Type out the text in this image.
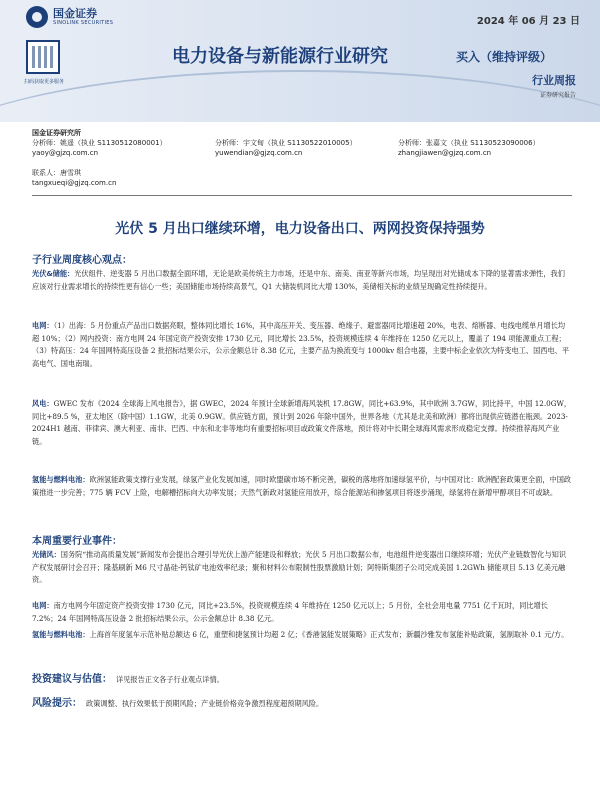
国金证券
SINOLINK SECURITIES
扫码获取更多服务
2024 年 06 月 23 日
电力设备与新能源行业研究	买入（维持评级）
行业周报
证券研究报告
国金证券研究所
分析师：姚遥（执业 S1130512080001）
yaoy@gjzq.com.cn
分析师：宇文甸（执业 S1130522010005）
yuwendian@gjzq.com.cn
分析师：张嘉文（执业 S1130523090006）
zhangjiawen@gjzq.com.cn
联系人：唐雪琪
tangxueqi@gjzq.com.cn
光伏 5 月出口继续环增，电力设备出口、两网投资保持强势
子行业周度核心观点：
光伏&储能：光伏组件、逆变器 5 月出口数据全面环增，无论是欧美传统主力市场，还是中东、南美、南亚等新兴市场，均呈现出对光储成本下降的显著需求弹性，我们应该对行业需求增长的持续性更有信心一些；美国储能市场持续高景气，Q1 大储装机同比大增 130%，美储相关标的业绩呈现确定性持续提升。
电网：（1）出海：5 月份重点产品出口数据亮眼，整体同比增长 16%，其中高压开关、变压器、绝缘子、避雷器同比增速超 20%，电表、熔断器、电线电缆单月增长均超 10%；（2）网内投资：南方电网 24 年国定资产投资安排 1730 亿元，同比增长 23.5%，投资规模连续 4 年维持在 1250 亿元以上，覆盖了 194 项能源重点工程；（3）特高压：24 年国网特高压设备 2 批招标结果公示，公示金额总计 8.38 亿元，主要产品为换流变与 1000kv 组合电器，主要中标企业依次为特变电工、国西电、平高电气、国电南瑞。
风电：GWEC 发布《2024 全球海上风电报告》，据 GWEC，2024 年预计全球新增海风装机 17.8GW，同比+63.9%，其中欧洲 3.7GW，同比持平，中国 12.0GW，同比+89.5 %，亚太地区（除中国）1.1GW，北美 0.9GW。供应链方面，预计到 2026 年除中国外，世界各地（尤其是北美和欧洲）都将出现供应链潜在瓶颈。2023-2024H1 越南、菲律宾、澳大利亚、南非、巴西、中东和北非等地均有重要招标项目或政策文件落地，预计将对中长期全球海风需求形成稳定支撑。持续推荐海风产业链。
氢能与燃料电池：欧洲氢能政策支撑行业发展，绿氢产业化发展加速，同时欧盟碳市场不断完善，碳税的落地将加速绿氢平价，与中国对比：欧洲配套政策更全面，中国政策推进一步完善；775 辆 FCV 上险，电解槽招标向大功率发展；天然气新政对氢能应用放开，综合能源站和掺氢项目将逐步涌现，绿氢将在新增甲醇项目不可或缺。
本周重要行业事件：
光储风：国务院“推动高质量发展”新闻发布会提出合理引导光伏上游产能建设和释放；光伏 5 月出口数据公布，电池组件逆变器出口继续环增；光伏产业链数智化与知识产权发展研讨会召开；隆基刷新 M6 尺寸晶硅-钙钛矿电池效率纪录；聚和材料公布限制性股票激励计划；阿特斯集团子公司完成美国 1.2GWh 储能项目 5.13 亿美元融资。
电网：南方电网今年固定资产投资安排 1730 亿元，同比+23.5%，投资规模连续 4 年维持在 1250 亿元以上；5 月份，全社会用电量 7751 亿千瓦时，同比增长 7.2%；24 年国网特高压设备 2 批招标结果公示，公示金额总计 8.38 亿元。
氢能与燃料电池：上海首年度氢车示范补贴总额达 6 亿，重塑和捷氢预计均超 2 亿；《香港氢能发展策略》正式发布；新疆沙雅发布氢能补贴政策，氢制取补 0.1 元/方。
投资建议与估值： 详见报告正文各子行业观点详情。
风险提示： 政策调整、执行效果低于预期风险；产业链价格竞争激烈程度超预期风险。
